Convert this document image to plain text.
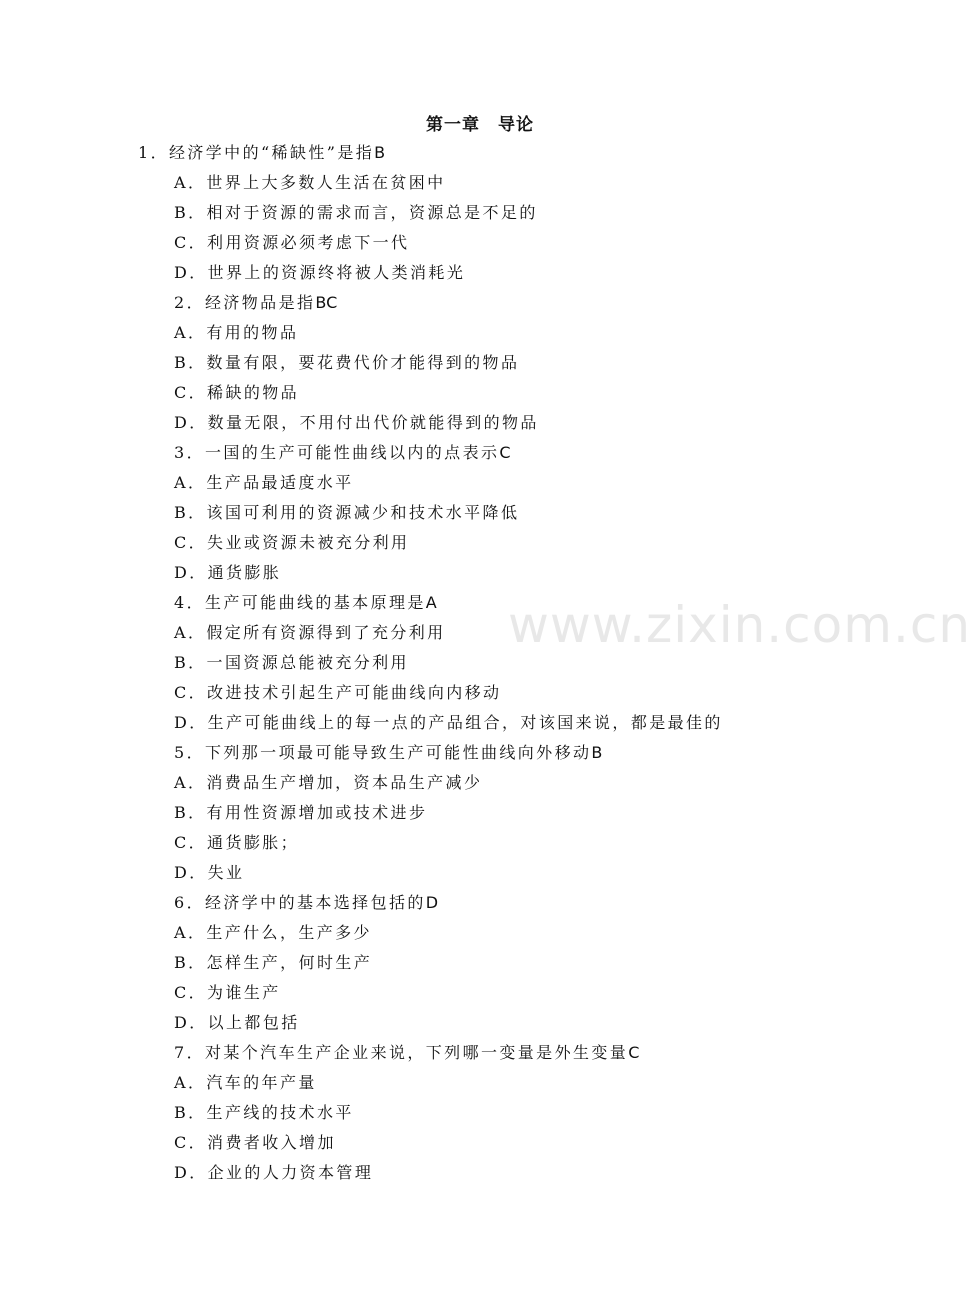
www.zixin.com.cn
第一章 导论
1．经济学中的“稀缺性”是指B
A．世界上大多数人生活在贫困中
B．相对于资源的需求而言，资源总是不足的
C．利用资源必须考虑下一代
D．世界上的资源终将被人类消耗光
2．经济物品是指BC
A．有用的物品
B．数量有限，要花费代价才能得到的物品
C．稀缺的物品
D．数量无限，不用付出代价就能得到的物品
3．一国的生产可能性曲线以内的点表示C
A．生产品最适度水平
B．该国可利用的资源减少和技术水平降低
C．失业或资源未被充分利用
D．通货膨胀
4．生产可能曲线的基本原理是A
A．假定所有资源得到了充分利用
B．一国资源总能被充分利用
C．改进技术引起生产可能曲线向内移动
D．生产可能曲线上的每一点的产品组合，对该国来说，都是最佳的
5．下列那一项最可能导致生产可能性曲线向外移动B
A．消费品生产增加，资本品生产减少
B．有用性资源增加或技术进步
C．通货膨胀；
D．失业
6．经济学中的基本选择包括的D
A．生产什么，生产多少
B．怎样生产，何时生产
C．为谁生产
D．以上都包括
7．对某个汽车生产企业来说，下列哪一变量是外生变量C
A．汽车的年产量
B．生产线的技术水平
C．消费者收入增加
D．企业的人力资本管理
